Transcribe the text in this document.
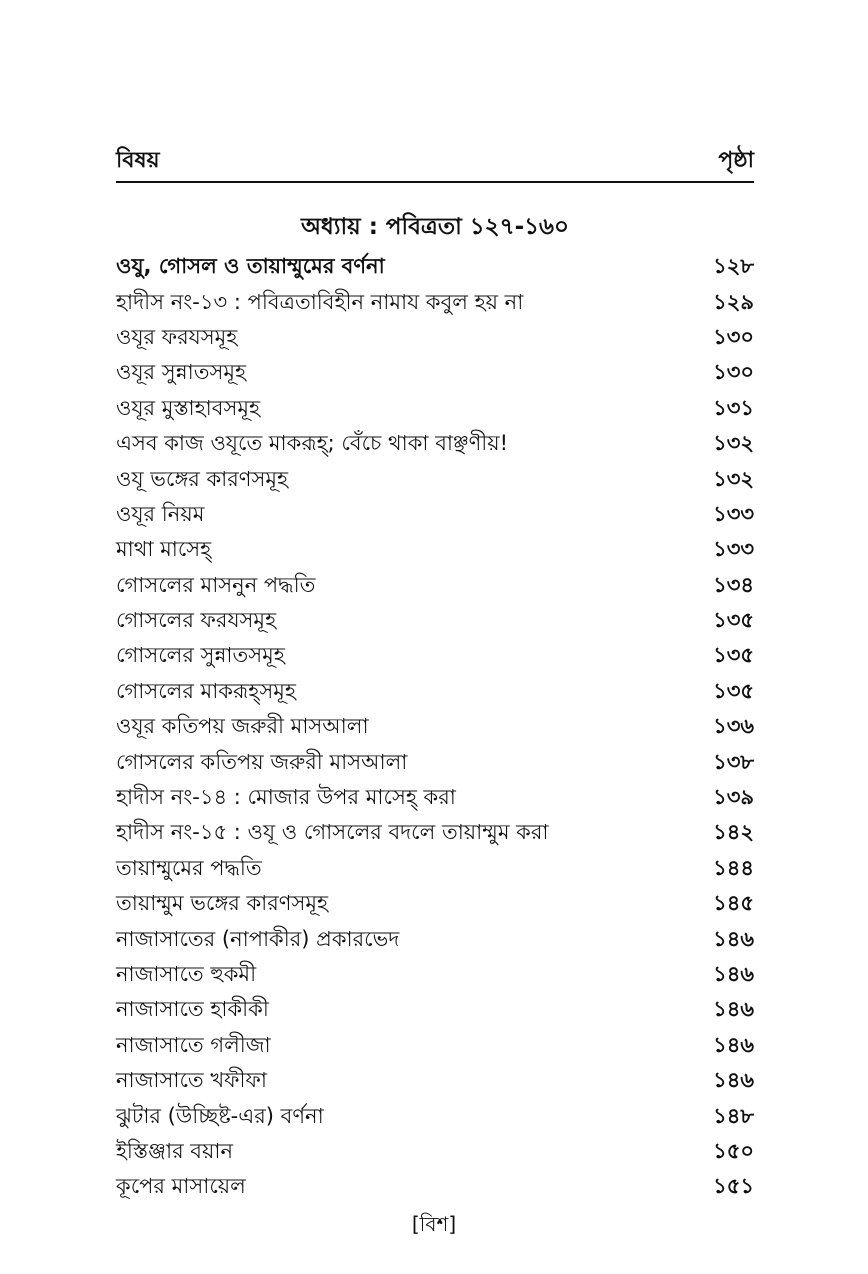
বিষয়	পৃষ্ঠা
অধ্যায় : পবিত্রতা ১২৭-১৬০
ওযু, গোসল ও তায়াম্মুমের বর্ণনা	১২৮
হাদীস নং-১৩ : পবিত্রতাবিহীন নামায কবুল হয় না	১২৯
ওযূর ফরযসমূহ	১৩০
ওযূর সুন্নাতসমূহ	১৩০
ওযূর মুস্তাহাবসমূহ	১৩১
এসব কাজ ওযূতে মাকরূহ্; বেঁচে থাকা বাঞ্ছণীয়!	১৩২
ওযূ ভঙ্গের কারণসমূহ	১৩২
ওযূর নিয়ম	১৩৩
মাথা মাসেহ্	১৩৩
গোসলের মাসনুন পদ্ধতি	১৩৪
গোসলের ফরযসমূহ	১৩৫
গোসলের সুন্নাতসমূহ	১৩৫
গোসলের মাকরূহ্সমূহ	১৩৫
ওযূর কতিপয় জরুরী মাসআলা	১৩৬
গোসলের কতিপয় জরুরী মাসআলা	১৩৮
হাদীস নং-১৪ : মোজার উপর মাসেহ্ করা	১৩৯
হাদীস নং-১৫ : ওযূ ও গোসলের বদলে তায়াম্মুম করা	১৪২
তায়াম্মুমের পদ্ধতি	১৪৪
তায়াম্মুম ভঙ্গের কারণসমূহ	১৪৫
নাজাসাতের (নাপাকীর) প্রকারভেদ	১৪৬
নাজাসাতে হুকমী	১৪৬
নাজাসাতে হাকীকী	১৪৬
নাজাসাতে গলীজা	১৪৬
নাজাসাতে খফীফা	১৪৬
ঝুটার (উচ্ছিষ্ট-এর) বর্ণনা	১৪৮
ইস্তিঞ্জার বয়ান	১৫০
কূপের মাসায়েল	১৫১
[বিশ]
